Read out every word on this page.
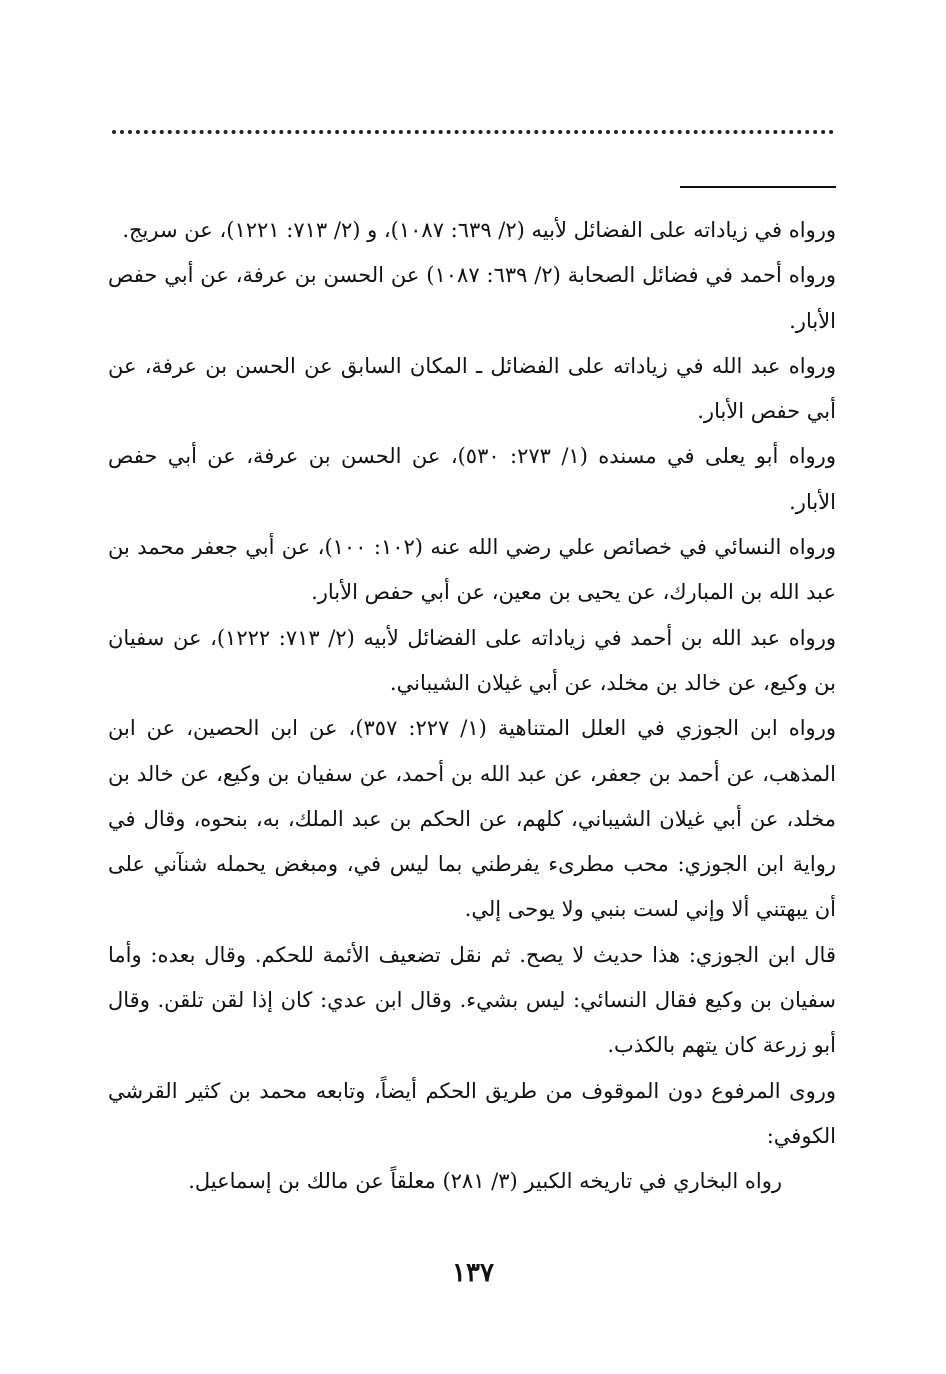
ورواه في زياداته على الفضائل لأبيه (٢/ ٦٣٩: ١٠٨٧)، و (٢/ ٧١٣: ١٢٢١)، عن سريج.

ورواه أحمد في فضائل الصحابة (٢/ ٦٣٩: ١٠٨٧) عن الحسن بن عرفة، عن أبي حفص الأبار.

ورواه عبد الله في زياداته على الفضائل ـ المكان السابق عن الحسن بن عرفة، عن أبي حفص الأبار.

ورواه أبو يعلى في مسنده (١/ ٢٧٣: ٥٣٠)، عن الحسن بن عرفة، عن أبي حفص الأبار.

ورواه النسائي في خصائص علي رضي الله عنه (١٠٢: ١٠٠)، عن أبي جعفر محمد بن عبد الله بن المبارك، عن يحيى بن معين، عن أبي حفص الأبار.

ورواه عبد الله بن أحمد في زياداته على الفضائل لأبيه (٢/ ٧١٣: ١٢٢٢)، عن سفيان بن وكيع، عن خالد بن مخلد، عن أبي غيلان الشيباني.

ورواه ابن الجوزي في العلل المتناهية (١/ ٢٢٧: ٣٥٧)، عن ابن الحصين، عن ابن المذهب، عن أحمد بن جعفر، عن عبد الله بن أحمد، عن سفيان بن وكيع، عن خالد بن مخلد، عن أبي غيلان الشيباني، كلهم، عن الحكم بن عبد الملك، به، بنحوه، وقال في رواية ابن الجوزي: محب مطرىء يفرطني بما ليس في، ومبغض يحمله شنآني على أن يبهتني ألا وإني لست بنبي ولا يوحى إلي.

قال ابن الجوزي: هذا حديث لا يصح. ثم نقل تضعيف الأئمة للحكم. وقال بعده: وأما سفيان بن وكيع فقال النسائي: ليس بشيء. وقال ابن عدي: كان إذا لقن تلقن. وقال أبو زرعة كان يتهم بالكذب.

وروى المرفوع دون الموقوف من طريق الحكم أيضاً، وتابعه محمد بن كثير القرشي الكوفي:

رواه البخاري في تاريخه الكبير (٣/ ٢٨١) معلقاً عن مالك بن إسماعيل.

١٣٧
